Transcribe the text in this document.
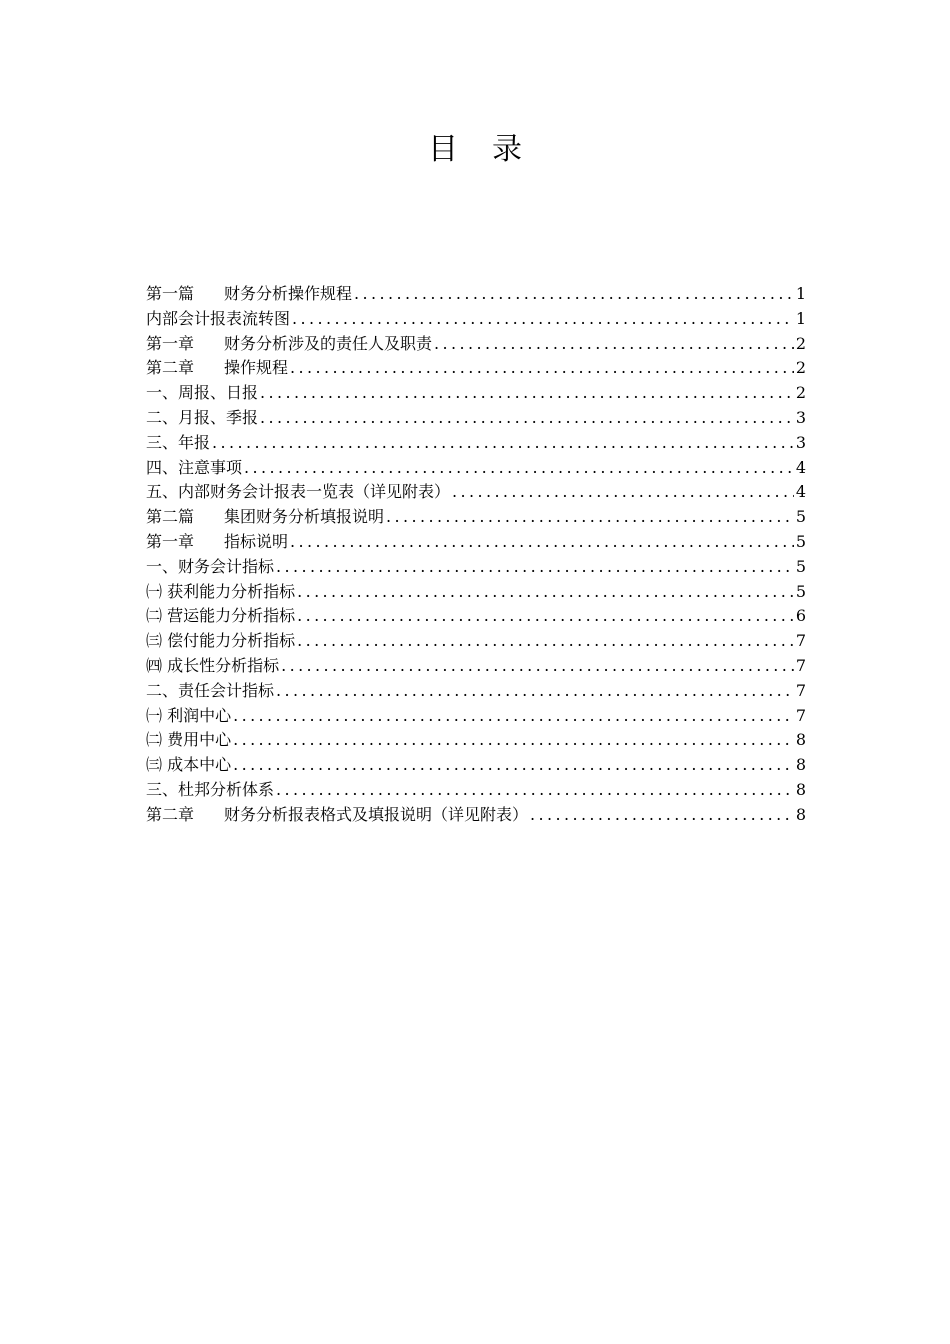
目录
第一篇 财务分析操作规程 .....	1
内部会计报表流转图 .....	1
第一章 财务分析涉及的责任人及职责 .....	2
第二章 操作规程 .....	2
一、周报、日报 .....	2
二、月报、季报 .....	3
三、年报 .....	3
四、注意事项 .....	4
五、内部财务会计报表一览表（详见附表） .....	4
第二篇 集团财务分析填报说明 .....	5
第一章 指标说明 .....	5
一、财务会计指标 .....	5
㈠ 获利能力分析指标 .....	5
㈡ 营运能力分析指标 .....	6
㈢ 偿付能力分析指标 .....	7
㈣ 成长性分析指标 .....	7
二、责任会计指标 .....	7
㈠ 利润中心 .....	7
㈡ 费用中心 .....	8
㈢ 成本中心 .....	8
三、杜邦分析体系 .....	8
第二章 财务分析报表格式及填报说明（详见附表） .....	8
